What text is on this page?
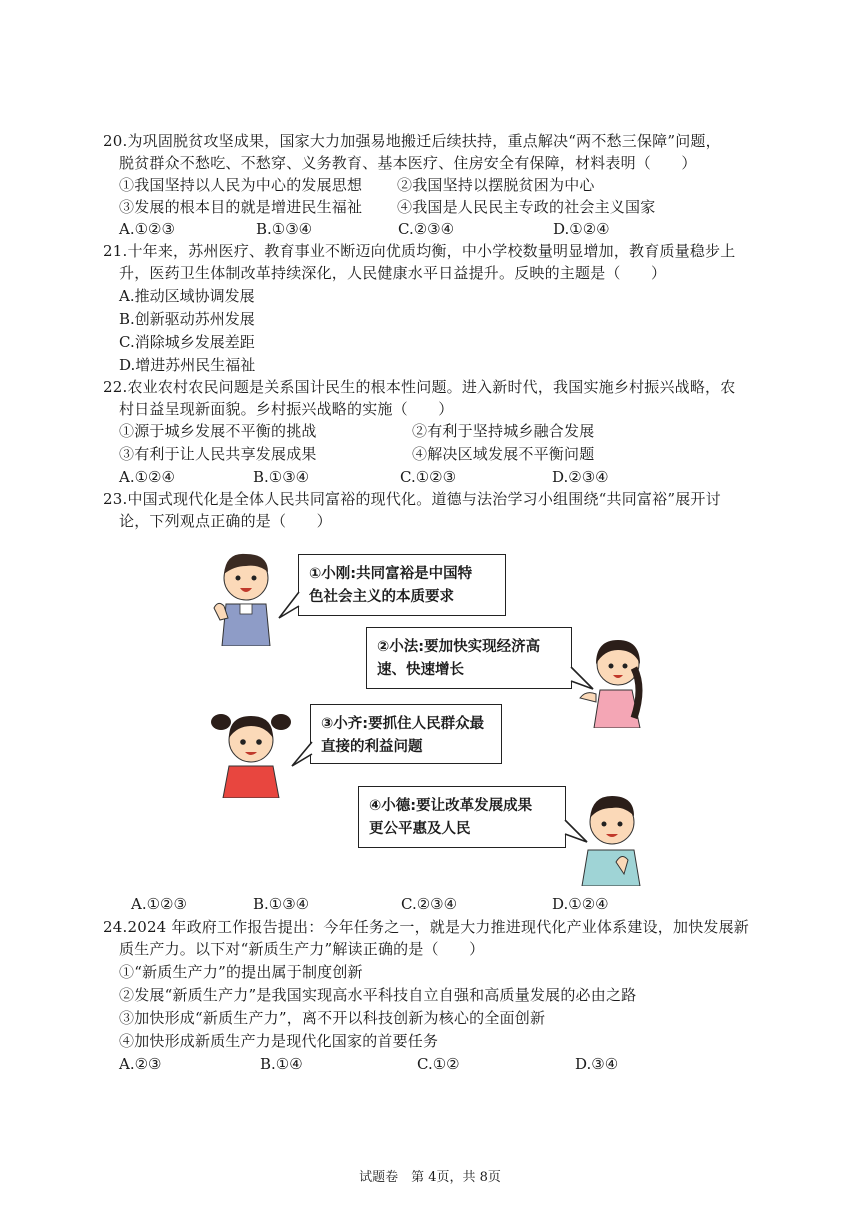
20.为巩固脱贫攻坚成果，国家大力加强易地搬迁后续扶持，重点解决“两不愁三保障”问题，
脱贫群众不愁吃、不愁穿、义务教育、基本医疗、住房安全有保障，材料表明（　　）
①我国坚持以人民为中心的发展思想 ②我国坚持以摆脱贫困为中心
③发展的根本目的就是增进民生福祉 ④我国是人民民主专政的社会主义国家
A.①②③	B.①③④	C.②③④	D.①②④
21.十年来，苏州医疗、教育事业不断迈向优质均衡，中小学校数量明显增加，教育质量稳步上
升，医药卫生体制改革持续深化，人民健康水平日益提升。反映的主题是（　　）
A.推动区域协调发展
B.创新驱动苏州发展
C.消除城乡发展差距
D.增进苏州民生福祉
22.农业农村农民问题是关系国计民生的根本性问题。进入新时代，我国实施乡村振兴战略，农
村日益呈现新面貌。乡村振兴战略的实施（　　）
①源于城乡发展不平衡的挑战	②有利于坚持城乡融合发展
③有利于让人民共享发展成果	④解决区域发展不平衡问题
A.①②④	B.①③④	C.①②③	D.②③④
23.中国式现代化是全体人民共同富裕的现代化。道德与法治学习小组围绕“共同富裕”展开讨
论，下列观点正确的是（　　）
①小刚:共同富裕是中国特
色社会主义的本质要求
②小法:要加快实现经济高
速、快速增长
③小齐:要抓住人民群众最
直接的利益问题
④小德:要让改革发展成果
更公平惠及人民
A.①②③	B.①③④	C.②③④	D.①②④
24.2024 年政府工作报告提出：今年任务之一，就是大力推进现代化产业体系建设，加快发展新
质生产力。以下对“新质生产力”解读正确的是（　　）
①“新质生产力”的提出属于制度创新
②发展“新质生产力”是我国实现高水平科技自立自强和高质量发展的必由之路
③加快形成“新质生产力”，离不开以科技创新为核心的全面创新
④加快形成新质生产力是现代化国家的首要任务
A.②③	B.①④	C.①②	D.③④
试题卷　第 4页，共 8页
